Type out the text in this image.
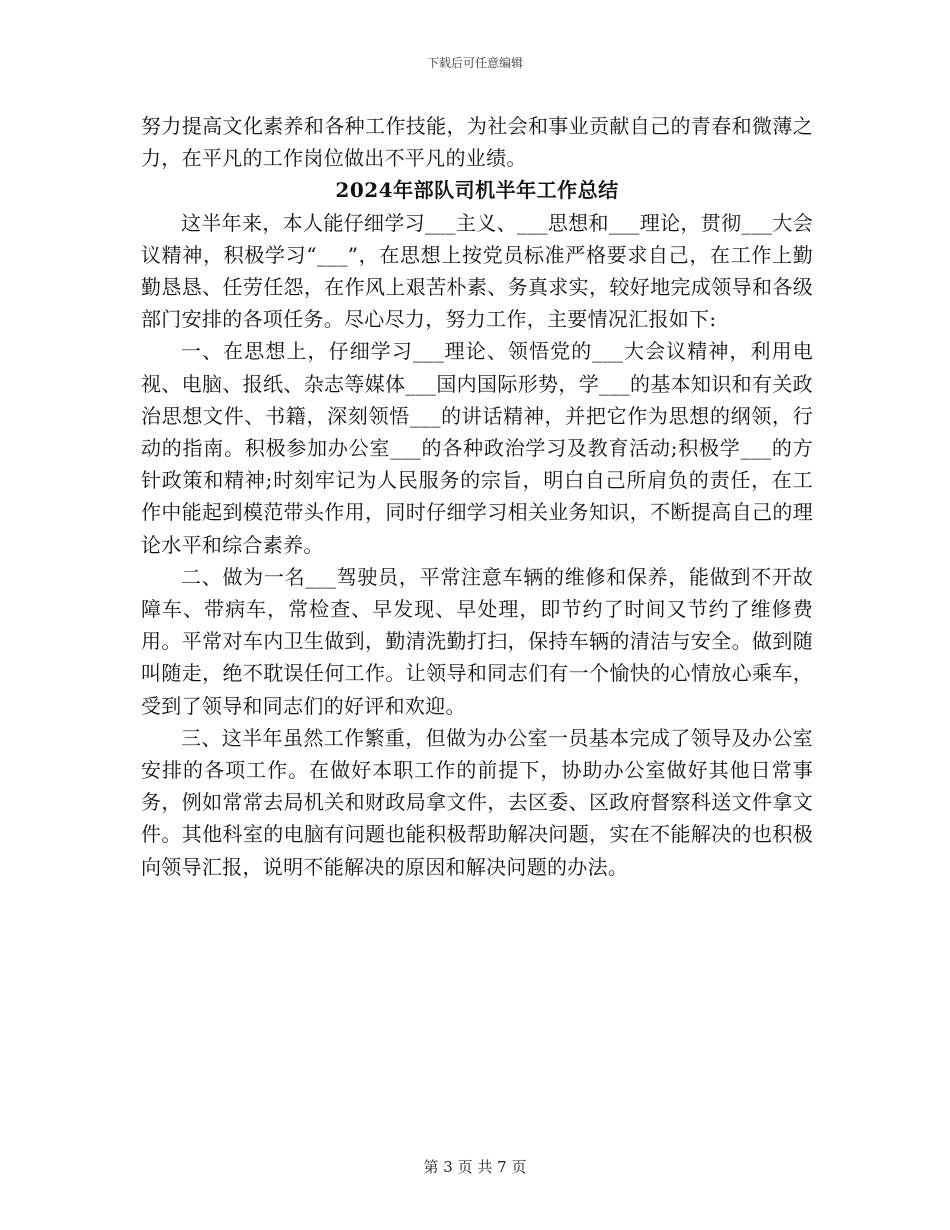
下载后可任意编辑

努力提高文化素养和各种工作技能，为社会和事业贡献自己的青春和微薄之力，在平凡的工作岗位做出不平凡的业绩。

2024年部队司机半年工作总结

这半年来，本人能仔细学习___主义、___思想和___理论，贯彻___大会议精神，积极学习“___”，在思想上按党员标准严格要求自己，在工作上勤勤恳恳、任劳任怨，在作风上艰苦朴素、务真求实，较好地完成领导和各级部门安排的各项任务。尽心尽力，努力工作，主要情况汇报如下:

一、在思想上，仔细学习___理论、领悟党的___大会议精神，利用电视、电脑、报纸、杂志等媒体___国内国际形势，学___的基本知识和有关政治思想文件、书籍，深刻领悟___的讲话精神，并把它作为思想的纲领，行动的指南。积极参加办公室___的各种政治学习及教育活动;积极学___的方针政策和精神;时刻牢记为人民服务的宗旨，明白自己所肩负的责任，在工作中能起到模范带头作用，同时仔细学习相关业务知识，不断提高自己的理论水平和综合素养。

二、做为一名___驾驶员，平常注意车辆的维修和保养，能做到不开故障车、带病车，常检查、早发现、早处理，即节约了时间又节约了维修费用。平常对车内卫生做到，勤清洗勤打扫，保持车辆的清洁与安全。做到随叫随走，绝不耽误任何工作。让领导和同志们有一个愉快的心情放心乘车，受到了领导和同志们的好评和欢迎。

三、这半年虽然工作繁重，但做为办公室一员基本完成了领导及办公室安排的各项工作。在做好本职工作的前提下，协助办公室做好其他日常事务，例如常常去局机关和财政局拿文件，去区委、区政府督察科送文件拿文件。其他科室的电脑有问题也能积极帮助解决问题，实在不能解决的也积极向领导汇报，说明不能解决的原因和解决问题的办法。

第 3 页 共 7 页
